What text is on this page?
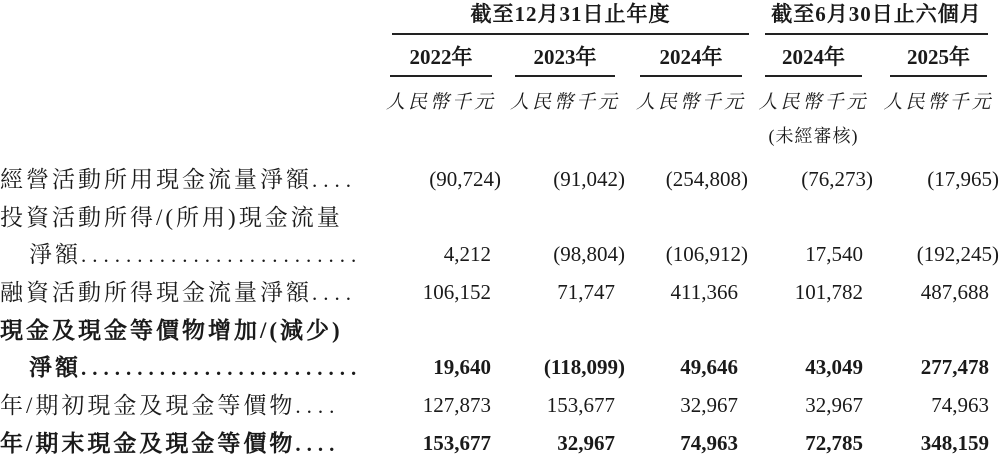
截至12月31日止年度	截至6月30日止六個月
2022年	2023年	2024年	2024年	2025年
人民幣千元 人民幣千元 人民幣千元 人民幣千元 人民幣千元
(未經審核)
經營活動所用現金流量淨額....	(90,724)	(91,042)	(254,808)	(76,273)	(17,965)
投資活動所得/(所用)現金流量
淨額.........................	4,212	(98,804)	(106,912)	17,540	(192,245)
融資活動所得現金流量淨額....	106,152	71,747	411,366	101,782	487,688
現金及現金等價物增加/(減少)
淨額.........................	19,640	(118,099)	49,646	43,049	277,478
年/期初現金及現金等價物....	127,873	153,677	32,967	32,967	74,963
年/期末現金及現金等價物....	153,677	32,967	74,963	72,785	348,159
